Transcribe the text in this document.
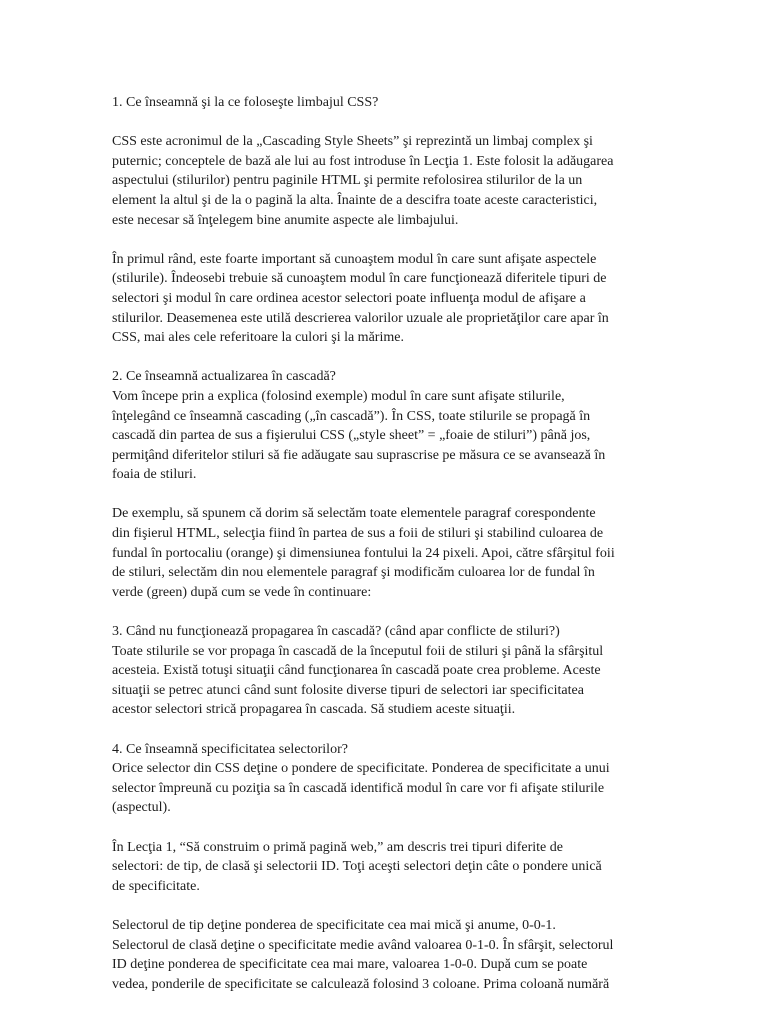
1. Ce înseamnă şi la ce foloseşte limbajul CSS?
CSS este acronimul de la „Cascading Style Sheets” şi reprezintă un limbaj complex şi
puternic; conceptele de bază ale lui au fost introduse în Lecţia 1. Este folosit la adăugarea
aspectului (stilurilor) pentru paginile HTML şi permite refolosirea stilurilor de la un
element la altul şi de la o pagină la alta. Înainte de a descifra toate aceste caracteristici,
este necesar să înţelegem bine anumite aspecte ale limbajului.
În primul rând, este foarte important să cunoaştem modul în care sunt afişate aspectele
(stilurile). Îndeosebi trebuie să cunoaştem modul în care funcţionează diferitele tipuri de
selectori şi modul în care ordinea acestor selectori poate influenţa modul de afişare a
stilurilor. Deasemenea este utilă descrierea valorilor uzuale ale proprietăţilor care apar în
CSS, mai ales cele referitoare la culori şi la mărime.
2. Ce înseamnă actualizarea în cascadă?
Vom începe prin a explica (folosind exemple) modul în care sunt afişate stilurile,
înţelegând ce înseamnă cascading („în cascadă”). În CSS, toate stilurile se propagă în
cascadă din partea de sus a fişierului CSS („style sheet” = „foaie de stiluri”) până jos,
permiţând diferitelor stiluri să fie adăugate sau suprascrise pe măsura ce se avansează în
foaia de stiluri.
De exemplu, să spunem că dorim să selectăm toate elementele paragraf corespondente
din fişierul HTML, selecţia fiind în partea de sus a foii de stiluri şi stabilind culoarea de
fundal în portocaliu (orange) şi dimensiunea fontului la 24 pixeli. Apoi, către sfârşitul foii
de stiluri, selectăm din nou elementele paragraf şi modificăm culoarea lor de fundal în
verde (green) după cum se vede în continuare:
3. Când nu funcţionează propagarea în cascadă? (când apar conflicte de stiluri?)
Toate stilurile se vor propaga în cascadă de la începutul foii de stiluri şi până la sfârşitul
acesteia. Există totuşi situaţii când funcţionarea în cascadă poate crea probleme. Aceste
situaţii se petrec atunci când sunt folosite diverse tipuri de selectori iar specificitatea
acestor selectori strică propagarea în cascada. Să studiem aceste situaţii.
4. Ce înseamnă specificitatea selectorilor?
Orice selector din CSS deţine o pondere de specificitate. Ponderea de specificitate a unui
selector împreună cu poziţia sa în cascadă identifică modul în care vor fi afişate stilurile
(aspectul).
În Lecţia 1, “Să construim o primă pagină web,” am descris trei tipuri diferite de
selectori: de tip, de clasă şi selectorii ID. Toţi aceşti selectori deţin câte o pondere unică
de specificitate.
Selectorul de tip deţine ponderea de specificitate cea mai mică şi anume, 0-0-1.
Selectorul de clasă deţine o specificitate medie având valoarea 0-1-0. În sfârşit, selectorul
ID deţine ponderea de specificitate cea mai mare, valoarea 1-0-0. După cum se poate
vedea, ponderile de specificitate se calculează folosind 3 coloane. Prima coloană numără
